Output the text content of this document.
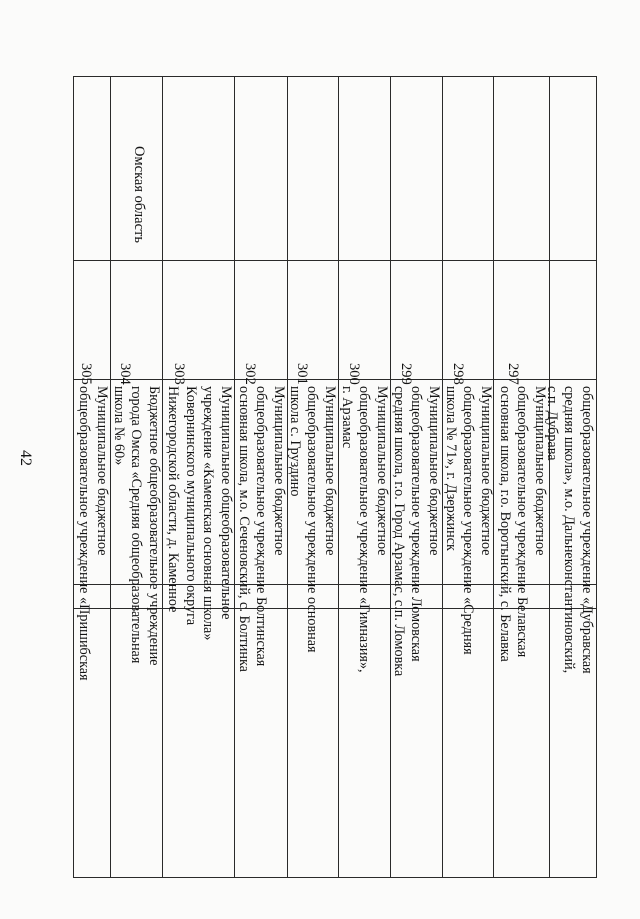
42
Омская область
общеобразовательное учреждение «Дубравская
средняя школа», м.о. Дальнеконстантиновский,
с.п. Дубрава
297
Муниципальное бюджетное
общеобразовательное учреждение Белавская
основная школа, г.о. Воротынский, с. Белавка
298
Муниципальное бюджетное
общеобразовательное учреждение «Средняя
школа № 71», г. Дзержинск
299
Муниципальное бюджетное
общеобразовательное учреждение Ломовская
средняя школа, г.о. Город Арзамас, с.п. Ломовка
300
Муниципальное бюджетное
общеобразовательное учреждение «Гимназия»,
г. Арзамас
301
Муниципальное бюджетное
общеобразовательное учреждение основная
школа с. Груздино
302
Муниципальное бюджетное
общеобразовательное учреждение Болтинская
основная школа, м.о. Сеченовский, с. Болтинка
303
Муниципальное общеобразовательное
учреждение «Каменская основная школа»
Ковернинского муниципального округа
Нижегородской области, д. Каменное
304
Бюджетное общеобразовательное учреждение
города Омска «Средняя общеобразовательная
школа № 60»
305
Муниципальное бюджетное
общеобразовательное учреждение «Пришибская
